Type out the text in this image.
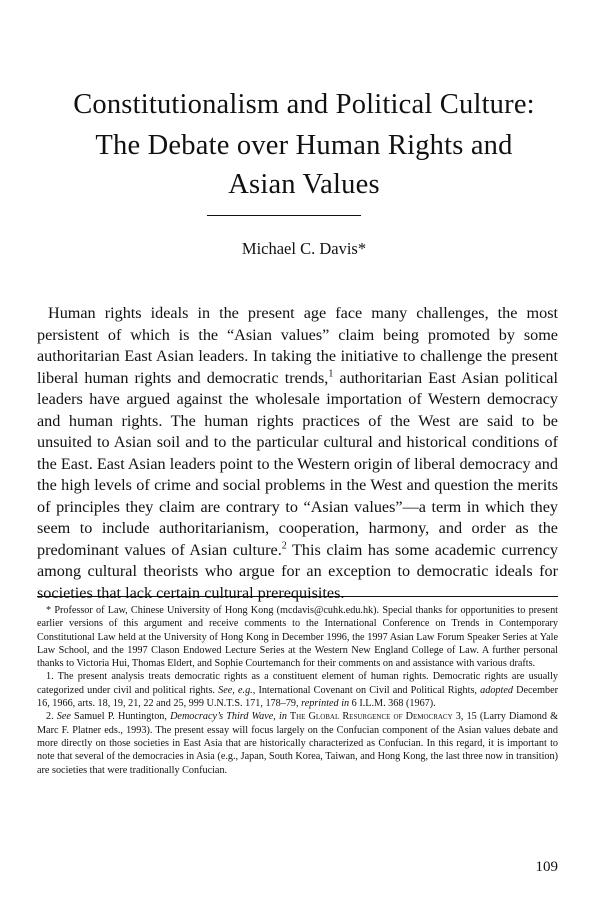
Constitutionalism and Political Culture:
The Debate over Human Rights and
Asian Values

Michael C. Davis*

Human rights ideals in the present age face many challenges, the most persistent of which is the “Asian values” claim being promoted by some authoritarian East Asian leaders. In taking the initiative to challenge the present liberal human rights and democratic trends,$^1$ authoritarian East Asian political leaders have argued against the wholesale importation of Western democracy and human rights. The human rights practices of the West are said to be unsuited to Asian soil and to the particular cultural and historical conditions of the East. East Asian leaders point to the Western origin of liberal democracy and the high levels of crime and social problems in the West and question the merits of principles they claim are contrary to “Asian values”—a term in which they seem to include authoritarianism, cooperation, harmony, and order as the predominant values of Asian culture.$^2$ This claim has some academic currency among cultural theorists who argue for an exception to democratic ideals for societies that lack certain cultural prerequisites.

* Professor of Law, Chinese University of Hong Kong (mcdavis@cuhk.edu.hk). Special thanks for opportunities to present earlier versions of this argument and receive comments to the International Conference on Trends in Contemporary Constitutional Law held at the University of Hong Kong in December 1996, the 1997 Asian Law Forum Speaker Series at Yale Law School, and the 1997 Clason Endowed Lecture Series at the Western New England College of Law. A further personal thanks to Victoria Hui, Thomas Eldert, and Sophie Courtemanch for their comments on and assistance with various drafts.

1. The present analysis treats democratic rights as a constituent element of human rights. Democratic rights are usually categorized under civil and political rights. See, e.g., International Covenant on Civil and Political Rights, adopted December 16, 1966, arts. 18, 19, 21, 22 and 25, 999 U.N.T.S. 171, 178–79, reprinted in 6 I.L.M. 368 (1967).

2. See Samuel P. Huntington, Democracy’s Third Wave, in The Global Resurgence of Democracy 3, 15 (Larry Diamond & Marc F. Platner eds., 1993). The present essay will focus largely on the Confucian component of the Asian values debate and more directly on those societies in East Asia that are historically characterized as Confucian. In this regard, it is important to note that several of the democracies in Asia (e.g., Japan, South Korea, Taiwan, and Hong Kong, the last three now in transition) are societies that were traditionally Confucian.

109
